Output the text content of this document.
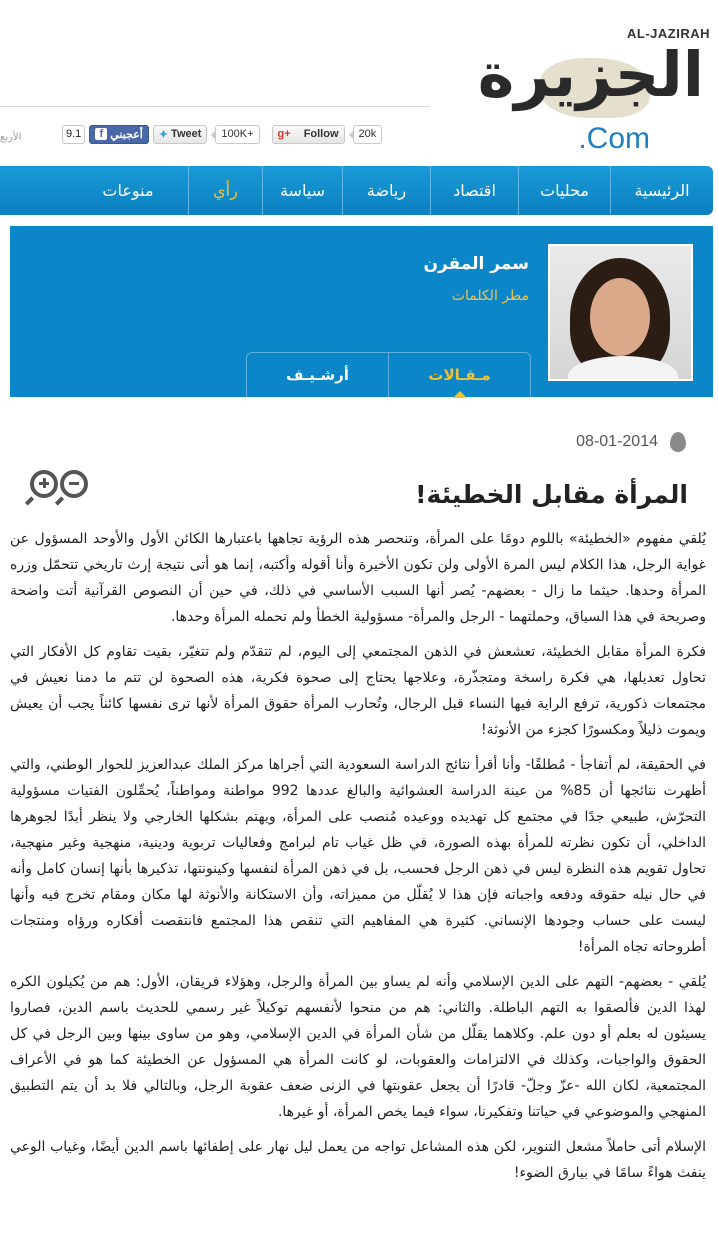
الأربع
AL-JAZIRAH
الجزيرة
.Com
9.1	f أعجبني ✦ Tweet	100K+	g+ Follow	20k
الرئيسية
محليات
اقتصاد
رياضة
سياسة
رأي
منوعات
سمر المقرن
مطر الكلمات
مـقـالات
أرشـيـف
08-01-2014
المرأة مقابل الخطيئة!

يُلقي مفهوم «الخطيئة» باللوم دومًا على المرأة، وتنحصر هذه الرؤية تجاهها باعتبارها الكائن الأول والأوحد المسؤول عن غواية الرجل، هذا الكلام ليس المرة الأولى ولن تكون الأخيرة وأنا أقوله وأكتبه، إنما هو أتى نتيجة إرث تاريخي تتحمّل وزره المرأة وحدها. حيثما ما زال - بعضهم- يُصر أنها السبب الأساسي في ذلك، في حين أن النصوص القرآنية أتت واضحة وصريحة في هذا السياق، وحملتهما - الرجل والمرأة- مسؤولية الخطأ ولم تحمله المرأة وحدها.

فكرة المرأة مقابل الخطيئة، تعشعش في الذهن المجتمعي إلى اليوم، لم تتقدّم ولم تتغيّر، بقيت تقاوم كل الأفكار التي تحاول تعديلها، هي فكرة راسخة ومتجذّرة، وعلاجها يحتاج إلى صحوة فكرية، هذه الصحوة لن تتم ما دمنا نعيش في مجتمعات ذكورية، ترفع الراية فيها النساء قبل الرجال، وتُحارب المرأة حقوق المرأة لأنها ترى نفسها كائناً يجب أن يعيش ويموت ذليلاً ومكسورًا كجزء من الأنوثة!

في الحقيقة، لم أتفاجأ - مُطلقًا- وأنا أقرأ نتائج الدراسة السعودية التي أجراها مركز الملك عبدالعزيز للحوار الوطني، والتي أظهرت نتائجها أن 85% من عينة الدراسة العشوائية والبالغ عددها 992 مواطنة ومواطناً، يُحمِّلون الفتيات مسؤولية التحرّش، طبيعي جدًا في مجتمع كل تهديده ووعيده مُنصب على المرأة، ويهتم بشكلها الخارجي ولا ينظر أبدًا لجوهرها الداخلي، أن تكون نظرته للمرأة بهذه الصورة، في ظل غياب تام لبرامج وفعاليات تربوية ودينية، منهجية وغير منهجية، تحاول تقويم هذه النظرة ليس في ذهن الرجل فحسب، بل في ذهن المرأة لنفسها وكينونتها، تذكيرها بأنها إنسان كامل وأنه في حال نيله حقوقه ودفعه واجباته فإن هذا لا يُقلّل من مميزاته، وأن الاستكانة والأنوثة لها مكان ومقام تخرج فيه وأنها ليست على حساب وجودها الإنساني. كثيرة هي المفاهيم التي تنقص هذا المجتمع فانتقصت أفكاره ورؤاه ومنتجات أطروحاته تجاه المرأة!

يُلقي - بعضهم- التهم على الدين الإسلامي وأنه لم يساو بين المرأة والرجل، وهؤلاء فريقان، الأول: هم من يُكيلون الكره لهذا الدين فألصقوا به التهم الباطلة. والثاني: هم من منحوا لأنفسهم توكيلاً غير رسمي للحديث باسم الدين، فصاروا يسيئون له بعلم أو دون علم. وكلاهما يقلّل من شأن المرأة في الدين الإسلامي، وهو من ساوى بينها وبين الرجل في كل الحقوق والواجبات، وكذلك في الالتزامات والعقوبات، لو كانت المرأة هي المسؤول عن الخطيئة كما هو في الأعراف المجتمعية، لكان الله -عزّ وجلّ- قادرًا أن يجعل عقوبتها في الزنى ضعف عقوبة الرجل، وبالتالي فلا بد أن يتم التطبيق المنهجي والموضوعي في حياتنا وتفكيرنا، سواء فيما يخص المرأة، أو غيرها.

الإسلام أتى حاملاً مشعل التنوير، لكن هذه المشاعل تواجه من يعمل ليل نهار على إطفائها باسم الدين أيضًا، وغياب الوعي ينفث هواءً سامًا في بيارق الضوء!
